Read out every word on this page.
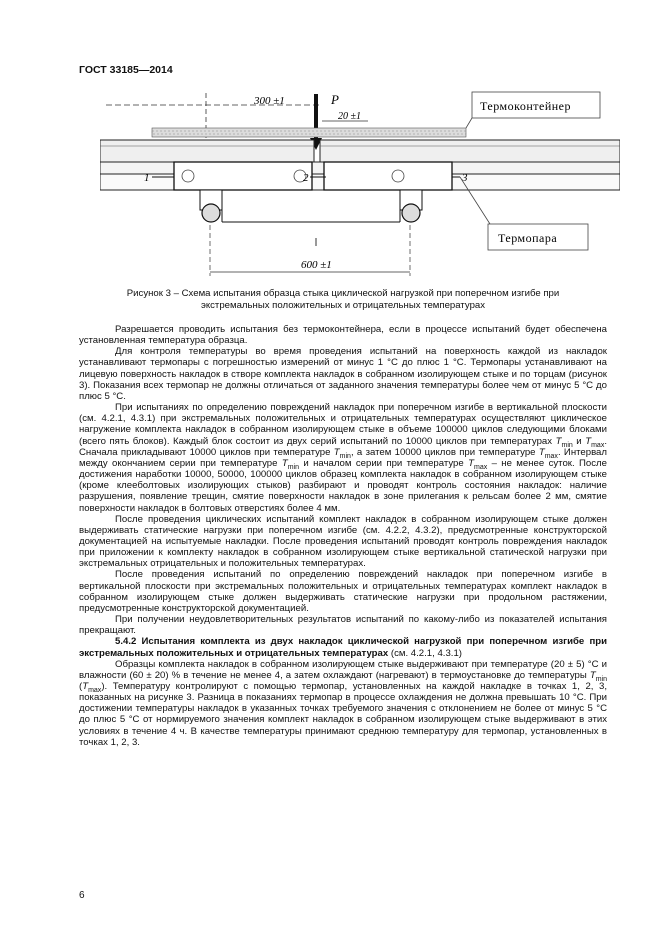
ГОСТ 33185—2014
300 ±1	P
20 ±1
1	2	3
600 ±1
Термоконтейнер
Термопара
Рисунок 3 – Схема испытания образца стыка циклической нагрузкой при поперечном изгибе при
экстремальных положительных и отрицательных температурах

Разрешается проводить испытания без термоконтейнера, если в процессе испытаний будет обеспечена установленная температура образца.

Для контроля температуры во время проведения испытаний на поверхность каждой из накладок устанавливают термопары с погрешностью измерений от минус 1 °С до плюс 1 °С. Термопары устанавливают на лицевую поверхность накладок в створе комплекта накладок в собранном изолирующем стыке и по торцам (рисунок 3). Показания всех термопар не должны отличаться от заданного значения температуры более чем от минус 5 °С до плюс 5 °С.

При испытаниях по определению повреждений накладок при поперечном изгибе в вертикальной плоскости (см. 4.2.1, 4.3.1) при экстремальных положительных и отрицательных температурах осуществляют циклическое нагружение комплекта накладок в собранном изолирующем стыке в объеме 100000 циклов следующими блоками (всего пять блоков). Каждый блок состоит из двух серий испытаний по 10000 циклов при температурах $T_{min}$ и $T_{max}$. Сначала прикладывают 10000 циклов при температуре $T_{min}$, а затем 10000 циклов при температуре $T_{max}$. Интервал между окончанием серии при температуре $T_{min}$ и началом серии при температуре $T_{max}$ – не менее суток. После достижения наработки 10000, 50000, 100000 циклов образец комплекта накладок в собранном изолирующем стыке (кроме клееболтовых изолирующих стыков) разбирают и проводят контроль состояния накладок: наличие разрушения, появление трещин, смятие поверхности накладок в зоне прилегания к рельсам более 2 мм, смятие поверхности накладок в болтовых отверстиях более 4 мм.

После проведения циклических испытаний комплект накладок в собранном изолирующем стыке должен выдерживать статические нагрузки при поперечном изгибе (см. 4.2.2, 4.3.2), предусмотренные конструкторской документацией на испытуемые накладки. После проведения испытаний проводят контроль повреждения накладок при приложении к комплекту накладок в собранном изолирующем стыке вертикальной статической нагрузки при экстремальных отрицательных и положительных температурах.

После проведения испытаний по определению повреждений накладок при поперечном изгибе в вертикальной плоскости при экстремальных положительных и отрицательных температурах комплект накладок в собранном изолирующем стыке должен выдерживать статические нагрузки при продольном растяжении, предусмотренные конструкторской документацией.

При получении неудовлетворительных результатов испытаний по какому-либо из показателей испытания прекращают.

5.4.2 Испытания комплекта из двух накладок циклической нагрузкой при поперечном изгибе при экстремальных положительных и отрицательных температурах (см. 4.2.1, 4.3.1)

Образцы комплекта накладок в собранном изолирующем стыке выдерживают при температуре (20 ± 5) °С и влажности (60 ± 20) % в течение не менее 4, а затем охлаждают (нагревают) в термоустановке до температуры $T_{min}$ $(T_{max})$. Температуру контролируют с помощью термопар, установленных на каждой накладке в точках 1, 2, 3, показанных на рисунке 3. Разница в показаниях термопар в процессе охлаждения не должна превышать 10 °С. При достижении температуры накладок в указанных точках требуемого значения с отклонением не более от минус 5 °С до плюс 5 °С от нормируемого значения комплект накладок в собранном изолирующем стыке выдерживают в этих условиях в течение 4 ч. В качестве температуры принимают среднюю температуру для термопар, установленных в точках 1, 2, 3.

6
